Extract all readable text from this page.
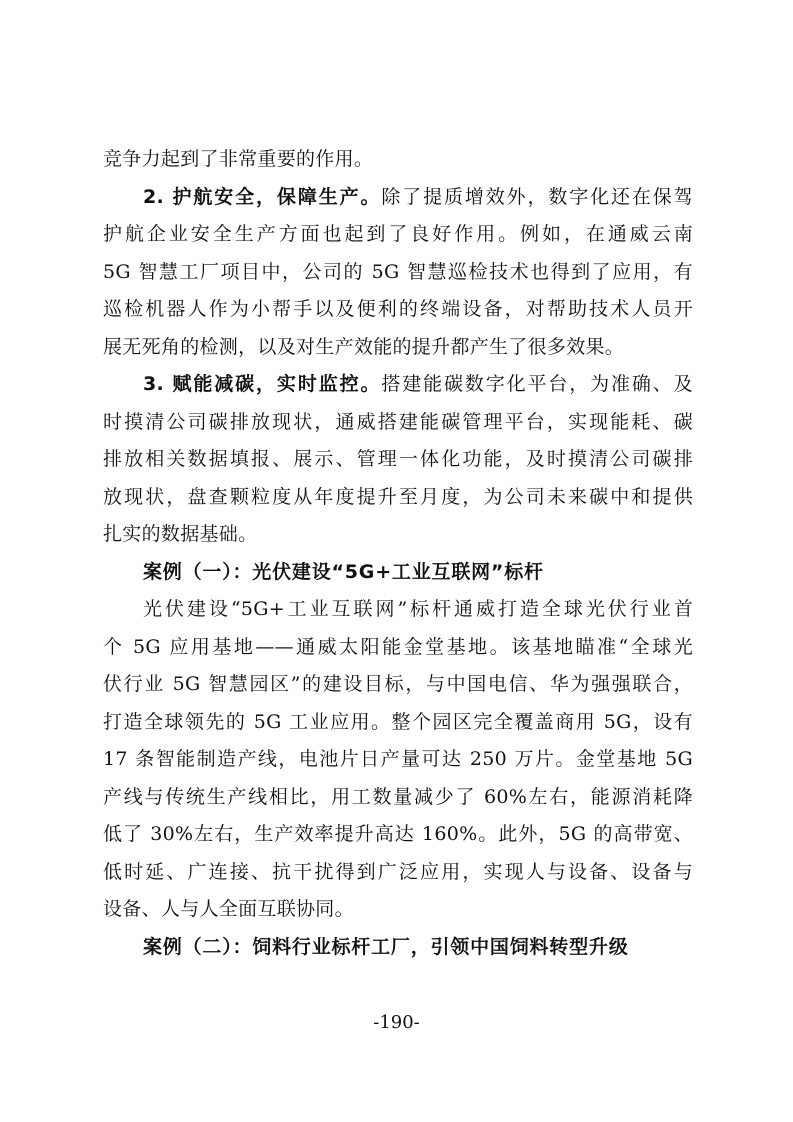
竞争力起到了非常重要的作用。
2. 护航安全，保障生产。除了提质增效外，数字化还在保驾
护航企业安全生产方面也起到了良好作用。例如，在通威云南
5G 智慧工厂项目中，公司的 5G 智慧巡检技术也得到了应用，有
巡检机器人作为小帮手以及便利的终端设备，对帮助技术人员开
展无死角的检测，以及对生产效能的提升都产生了很多效果。
3. 赋能减碳，实时监控。搭建能碳数字化平台，为准确、及
时摸清公司碳排放现状，通威搭建能碳管理平台，实现能耗、碳
排放相关数据填报、展示、管理一体化功能，及时摸清公司碳排
放现状，盘查颗粒度从年度提升至月度，为公司未来碳中和提供
扎实的数据基础。
案例（一）：光伏建设“5G+工业互联网”标杆
光伏建设“5G+工业互联网”标杆通威打造全球光伏行业首
个 5G 应用基地——通威太阳能金堂基地。该基地瞄准“全球光
伏行业 5G 智慧园区”的建设目标，与中国电信、华为强强联合，
打造全球领先的 5G 工业应用。整个园区完全覆盖商用 5G，设有
17 条智能制造产线，电池片日产量可达 250 万片。金堂基地 5G
产线与传统生产线相比，用工数量减少了 60%左右，能源消耗降
低了 30%左右，生产效率提升高达 160%。此外，5G 的高带宽、
低时延、广连接、抗干扰得到广泛应用，实现人与设备、设备与
设备、人与人全面互联协同。
案例（二）：饲料行业标杆工厂，引领中国饲料转型升级
-190-
